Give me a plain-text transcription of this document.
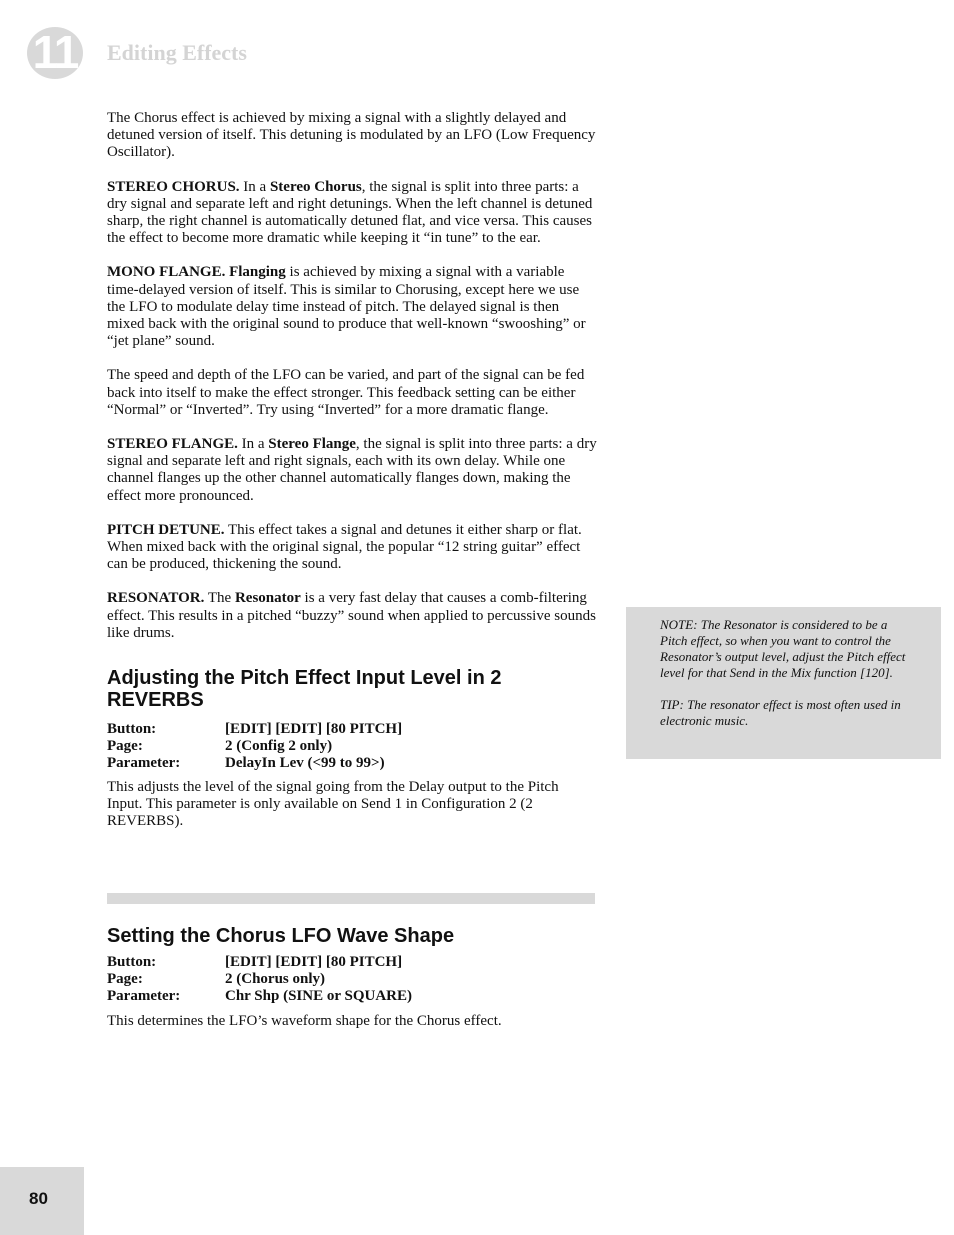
11 Editing Effects

The Chorus effect is achieved by mixing a signal with a slightly delayed and detuned version of itself. This detuning is modulated by an LFO (Low Frequency Oscillator).

STEREO CHORUS. In a Stereo Chorus, the signal is split into three parts: a dry signal and separate left and right detunings. When the left channel is detuned sharp, the right channel is automatically detuned flat, and vice versa. This causes the effect to become more dramatic while keeping it “in tune” to the ear.

MONO FLANGE. Flanging is achieved by mixing a signal with a variable time-delayed version of itself. This is similar to Chorusing, except here we use the LFO to modulate delay time instead of pitch. The delayed signal is then mixed back with the original sound to produce that well-known “swooshing” or “jet plane” sound.

The speed and depth of the LFO can be varied, and part of the signal can be fed back into itself to make the effect stronger. This feedback setting can be either “Normal” or “Inverted”. Try using “Inverted” for a more dramatic flange.

STEREO FLANGE. In a Stereo Flange, the signal is split into three parts: a dry signal and separate left and right signals, each with its own delay. While one channel flanges up the other channel automatically flanges down, making the effect more pronounced.

PITCH DETUNE. This effect takes a signal and detunes it either sharp or flat. When mixed back with the original signal, the popular “12 string guitar” effect can be produced, thickening the sound.

RESONATOR. The Resonator is a very fast delay that causes a comb-filtering effect. This results in a pitched “buzzy” sound when applied to percussive sounds like drums.

Adjusting the Pitch Effect Input Level in 2 REVERBS
Button:	[EDIT] [EDIT] [80 PITCH]
Page:	2 (Config 2 only)
Parameter:	DelayIn Lev (<99 to 99>)

This adjusts the level of the signal going from the Delay output to the Pitch Input. This parameter is only available on Send 1 in Configuration 2 (2 REVERBS).

Setting the Chorus LFO Wave Shape
Button:	[EDIT] [EDIT] [80 PITCH]
Page:	2 (Chorus only)
Parameter:	Chr Shp (SINE or SQUARE)

This determines the LFO’s waveform shape for the Chorus effect.

NOTE: The Resonator is considered to be a Pitch effect, so when you want to control the Resonator’s output level, adjust the Pitch effect level for that Send in the Mix function [120].

TIP: The resonator effect is most often used in electronic music.

80
